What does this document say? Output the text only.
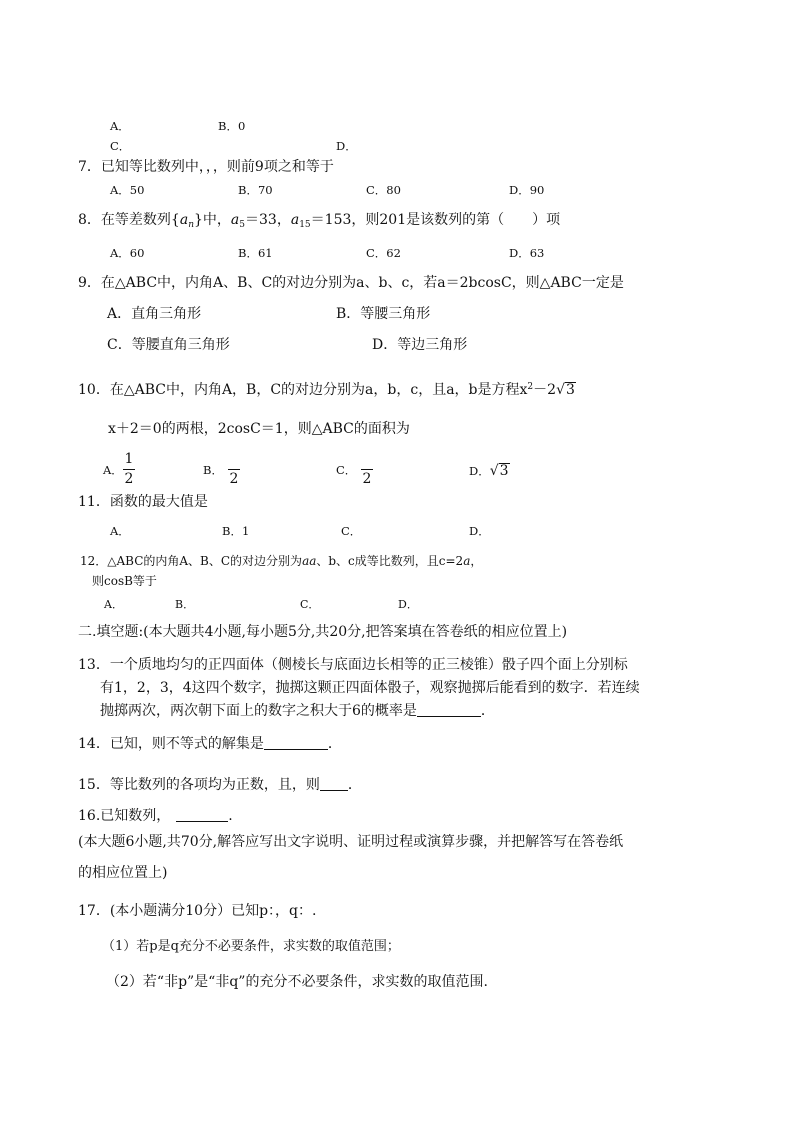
A．	B．0
C．	D．
7．已知等比数列中，，，则前9项之和等于
A．50	B．70	C．80	D．90
8．在等差数列$\{a_n\}$中，$a_5=33$，$a_{15}=153$，则201是该数列的第（　　）项
A．60	B．61	C．62	D．63
9．在△ABC中，内角A、B、C的对边分别为a、b、c，若a＝2bcosC，则△ABC一定是
A．直角三角形	B．等腰三角形
C．等腰直角三角形	D．等边三角形
10．在△ABC中，内角A，B，C的对边分别为a，b，c，且a，b是方程$x^2-2√3$
x＋2＝0的两根，2cosC＝1，则△ABC的面积为
A．
1
2
B．
2
C．
2	D．√3
11．函数的最大值是
A．	B．1	C．	D．
12．△ABC的内角A、B、C的对边分别为aa、b、c成等比数列，且c=2a，
则cosB等于
A．	B．	C．	D．
二.填空题:(本大题共4小题,每小题5分,共20分,把答案填在答卷纸的相应位置上)
13．一个质地均匀的正四面体（侧棱长与底面边长相等的正三棱锥）骰子四个面上分别标
有1，2，3，4这四个数字，抛掷这颗正四面体骰子，观察抛掷后能看到的数字．若连续
抛掷两次，两次朝下面上的数字之积大于6的概率是	．
14．已知，则不等式的解集是	．
15．等比数列的各项均为正数，且，则 ．
16.已知数列，	.
(本大题6小题,共70分,解答应写出文字说明、证明过程或演算步骤，并把解答写在答卷纸
的相应位置上)
17．(本小题满分10分）已知p：，q：.
（1）若p是q充分不必要条件，求实数的取值范围；
（2）若“非p”是“非q”的充分不必要条件，求实数的取值范围.
